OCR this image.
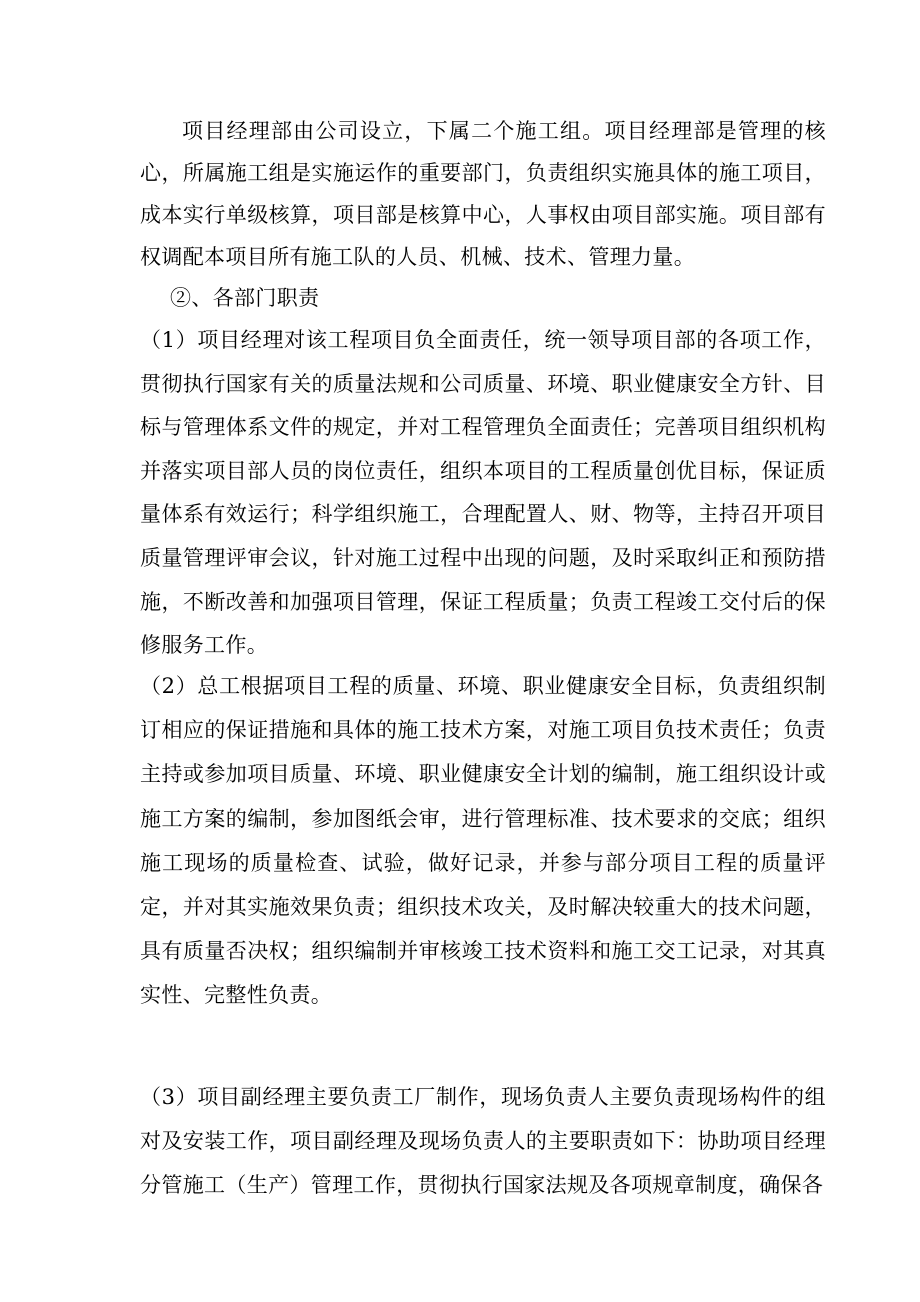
项目经理部由公司设立，下属二个施工组。项目经理部是管理的核心，所属施工组是实施运作的重要部门，负责组织实施具体的施工项目，成本实行单级核算，项目部是核算中心，人事权由项目部实施。项目部有权调配本项目所有施工队的人员、机械、技术、管理力量。

②、各部门职责

（1）项目经理对该工程项目负全面责任，统一领导项目部的各项工作，贯彻执行国家有关的质量法规和公司质量、环境、职业健康安全方针、目标与管理体系文件的规定，并对工程管理负全面责任；完善项目组织机构并落实项目部人员的岗位责任，组织本项目的工程质量创优目标，保证质量体系有效运行；科学组织施工，合理配置人、财、物等，主持召开项目质量管理评审会议，针对施工过程中出现的问题，及时采取纠正和预防措施，不断改善和加强项目管理，保证工程质量；负责工程竣工交付后的保修服务工作。

（2）总工根据项目工程的质量、环境、职业健康安全目标，负责组织制订相应的保证措施和具体的施工技术方案，对施工项目负技术责任；负责主持或参加项目质量、环境、职业健康安全计划的编制，施工组织设计或施工方案的编制，参加图纸会审，进行管理标准、技术要求的交底；组织施工现场的质量检查、试验，做好记录，并参与部分项目工程的质量评定，并对其实施效果负责；组织技术攻关，及时解决较重大的技术问题，具有质量否决权；组织编制并审核竣工技术资料和施工交工记录，对其真实性、完整性负责。

（3）项目副经理主要负责工厂制作，现场负责人主要负责现场构件的组对及安装工作，项目副经理及现场负责人的主要职责如下：协助项目经理分管施工（生产）管理工作，贯彻执行国家法规及各项规章制度，确保各
